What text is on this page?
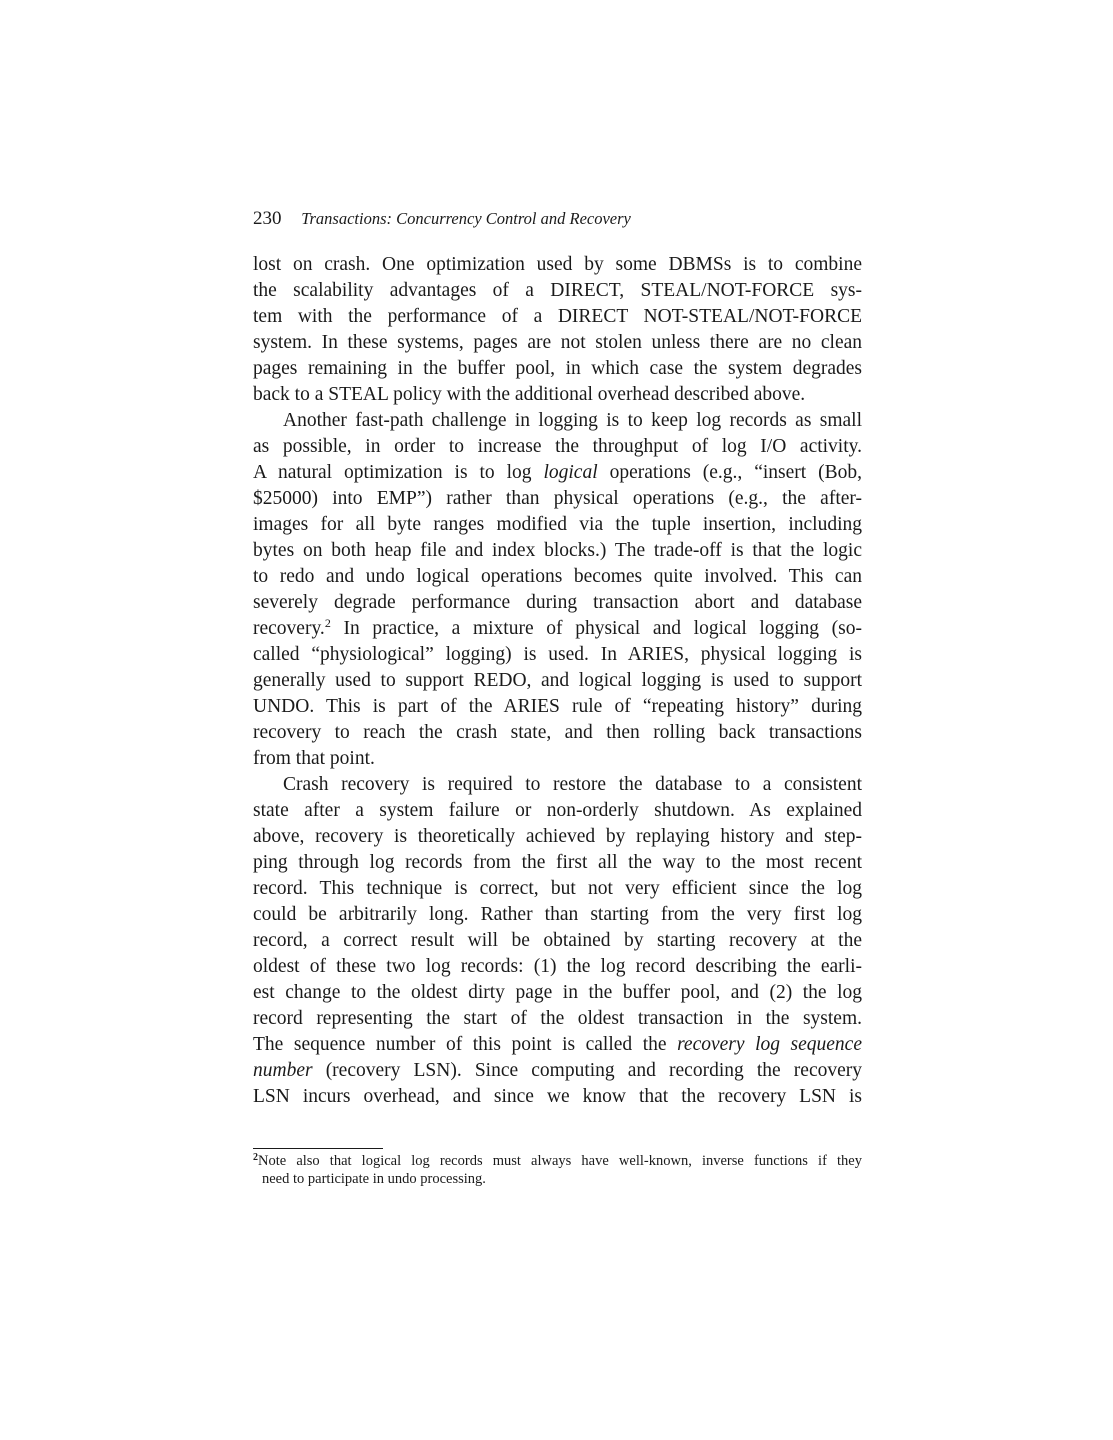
230 Transactions: Concurrency Control and Recovery
lost on crash. One optimization used by some DBMSs is to combine
the scalability advantages of a DIRECT, STEAL/NOT-FORCE sys-
tem with the performance of a DIRECT NOT-STEAL/NOT-FORCE
system. In these systems, pages are not stolen unless there are no clean
pages remaining in the buffer pool, in which case the system degrades
back to a STEAL policy with the additional overhead described above.
Another fast-path challenge in logging is to keep log records as small
as possible, in order to increase the throughput of log I/O activity.
A natural optimization is to log logical operations (e.g., “insert (Bob,
$25000) into EMP”) rather than physical operations (e.g., the after-
images for all byte ranges modified via the tuple insertion, including
bytes on both heap file and index blocks.) The trade-off is that the logic
to redo and undo logical operations becomes quite involved. This can
severely degrade performance during transaction abort and database
recovery.$^2$ In practice, a mixture of physical and logical logging (so-
called “physiological” logging) is used. In ARIES, physical logging is
generally used to support REDO, and logical logging is used to support
UNDO. This is part of the ARIES rule of “repeating history” during
recovery to reach the crash state, and then rolling back transactions
from that point.
Crash recovery is required to restore the database to a consistent
state after a system failure or non-orderly shutdown. As explained
above, recovery is theoretically achieved by replaying history and step-
ping through log records from the first all the way to the most recent
record. This technique is correct, but not very efficient since the log
could be arbitrarily long. Rather than starting from the very first log
record, a correct result will be obtained by starting recovery at the
oldest of these two log records: (1) the log record describing the earli-
est change to the oldest dirty page in the buffer pool, and (2) the log
record representing the start of the oldest transaction in the system.
The sequence number of this point is called the recovery log sequence
number (recovery LSN). Since computing and recording the recovery
LSN incurs overhead, and since we know that the recovery LSN is
$^2$Note also that logical log records must always have well-known, inverse functions if they
need to participate in undo processing.
